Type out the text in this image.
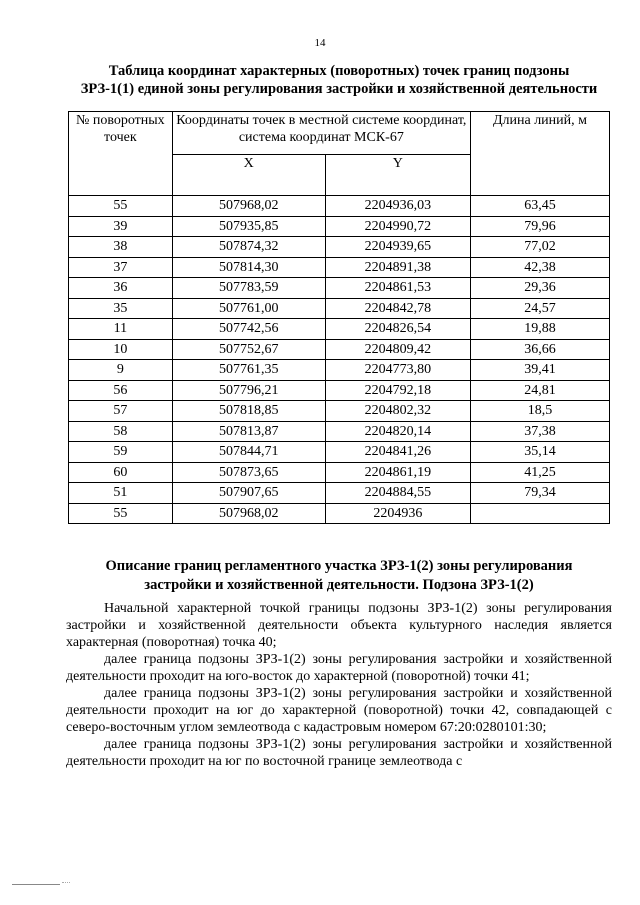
14
Таблица координат характерных (поворотных) точек границ подзоны
ЗРЗ-1(1) единой зоны регулирования застройки и хозяйственной деятельности
№ поворотных точек	Координаты точек в местной системе координат, система координат МСК-67		Длина линий, м
	X	Y	
55	507968,02	2204936,03	63,45
39	507935,85	2204990,72	79,96
38	507874,32	2204939,65	77,02
37	507814,30	2204891,38	42,38
36	507783,59	2204861,53	29,36
35	507761,00	2204842,78	24,57
11	507742,56	2204826,54	19,88
10	507752,67	2204809,42	36,66
9	507761,35	2204773,80	39,41
56	507796,21	2204792,18	24,81
57	507818,85	2204802,32	18,5
58	507813,87	2204820,14	37,38
59	507844,71	2204841,26	35,14
60	507873,65	2204861,19	41,25
51	507907,65	2204884,55	79,34
55	507968,02	2204936	
Описание границ регламентного участка ЗРЗ-1(2) зоны регулирования
застройки и хозяйственной деятельности. Подзона ЗРЗ-1(2)

Начальной характерной точкой границы подзоны ЗРЗ-1(2) зоны регулирования застройки и хозяйственной деятельности объекта культурного наследия является характерная (поворотная) точка 40;

далее граница подзоны ЗРЗ-1(2) зоны регулирования застройки и хозяйственной деятельности проходит на юго-восток до характерной (поворотной) точки 41;

далее граница подзоны ЗРЗ-1(2) зоны регулирования застройки и хозяйственной деятельности проходит на юг до характерной (поворотной) точки 42, совпадающей с северо-восточным углом землеотвода с кадастровым номером 67:20:0280101:30;

далее граница подзоны ЗРЗ-1(2) зоны регулирования застройки и хозяйственной деятельности проходит на юг по восточной границе землеотвода с
